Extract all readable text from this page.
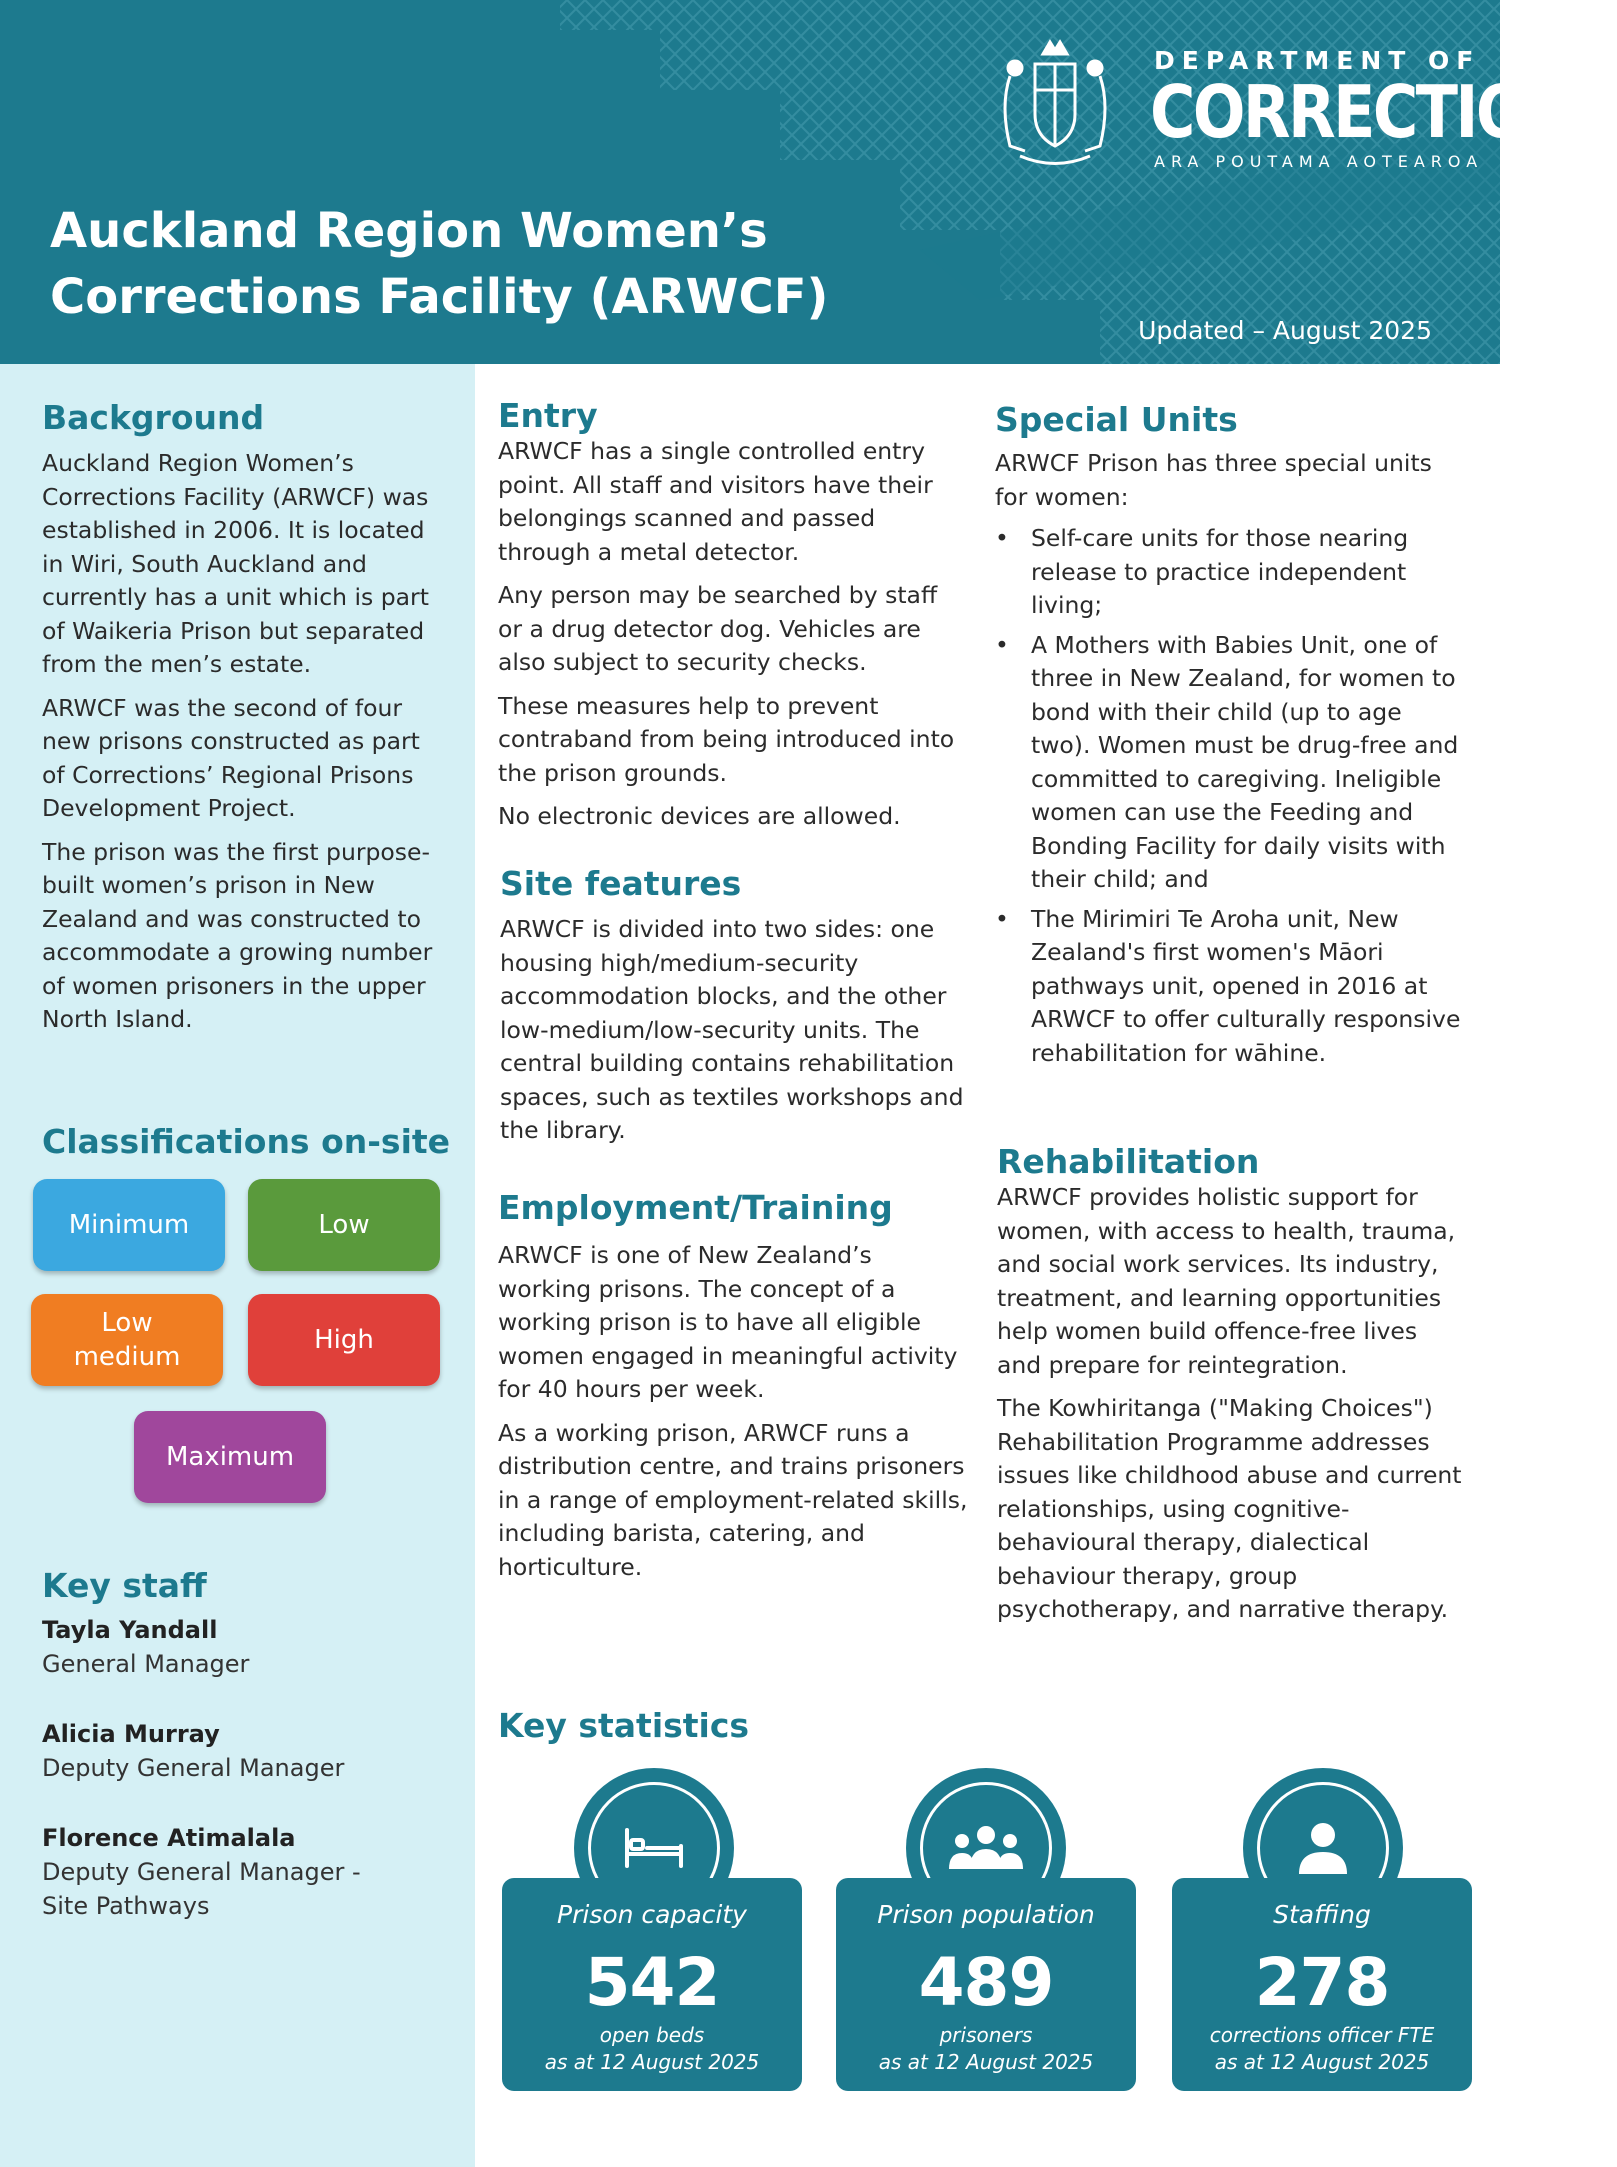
DEPARTMENT OF
CORRECTIONS
ARA POUTAMA AOTEAROA
Auckland Region Women’s
Corrections Facility (ARWCF)
Updated – August 2025
Background

Auckland Region Women’s Corrections Facility (ARWCF) was established in 2006. It is located in Wiri, South Auckland and currently has a unit which is part of Waikeria Prison but separated from the men’s estate.

ARWCF was the second of four new prisons constructed as part of Corrections’ Regional Prisons Development Project.

The prison was the first purpose-built women’s prison in New Zealand and was constructed to accommodate a growing number of women prisoners in the upper North Island.

Classifications on-site
Minimum	Low
Low medium
High
Maximum
Key staff
Tayla Yandall
General Manager
Alicia Murray
Deputy General Manager
Florence Atimalala
Deputy General Manager - Site Pathways
Entry

ARWCF has a single controlled entry point. All staff and visitors have their belongings scanned and passed through a metal detector.

Any person may be searched by staff or a drug detector dog. Vehicles are also subject to security checks.

These measures help to prevent contraband from being introduced into the prison grounds.

No electronic devices are allowed.

Site features

ARWCF is divided into two sides: one housing high/medium-security accommodation blocks, and the other low-medium/low-security units. The central building contains rehabilitation spaces, such as textiles workshops and the library.

Employment/Training

ARWCF is one of New Zealand’s working prisons. The concept of a working prison is to have all eligible women engaged in meaningful activity for 40 hours per week.

As a working prison, ARWCF runs a distribution centre, and trains prisoners in a range of employment-related skills, including barista, catering, and horticulture.

Special Units

ARWCF Prison has three special units for women:

• Self-care units for those nearing release to practice independent living;
• A Mothers with Babies Unit, one of three in New Zealand, for women to bond with their child (up to age two). Women must be drug-free and committed to caregiving. Ineligible women can use the Feeding and Bonding Facility for daily visits with their child; and
• The Mirimiri Te Aroha unit, New Zealand's first women's Māori pathways unit, opened in 2016 at ARWCF to offer culturally responsive rehabilitation for wāhine.
Rehabilitation

ARWCF provides holistic support for women, with access to health, trauma, and social work services. Its industry, treatment, and learning opportunities help women build offence-free lives and prepare for reintegration.

The Kowhiritanga ("Making Choices") Rehabilitation Programme addresses issues like childhood abuse and current relationships, using cognitive-behavioural therapy, dialectical behaviour therapy, group psychotherapy, and narrative therapy.

Key statistics
Prison capacity
542
open beds
as at 12 August 2025
Prison population
489
prisoners
as at 12 August 2025
Staffing
278
corrections officer FTE
as at 12 August 2025
